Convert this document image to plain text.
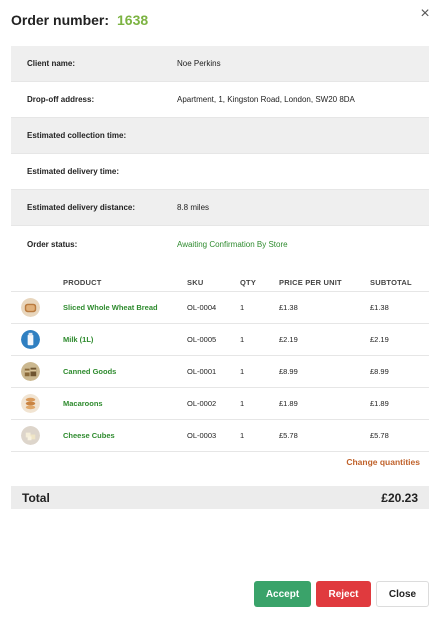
Order number: 1638	×
Client name:	Noe Perkins
Drop-off address:	Apartment, 1, Kingston Road, London, SW20 8DA
Estimated collection time:
Estimated delivery time:
Estimated delivery distance:	8.8 miles
Order status:	Awaiting Confirmation By Store
PRODUCT	SKU	QTY	PRICE PER UNIT	SUBTOTAL
Sliced Whole Wheat Bread	OL-0004	1	£1.38	£1.38
Milk (1L)	OL-0005	1	£2.19	£2.19
Canned Goods	OL-0001	1	£8.99	£8.99
Macaroons	OL-0002	1	£1.89	£1.89
Cheese Cubes	OL-0003	1	£5.78	£5.78
Change quantities
Total	£20.23
Accept	Reject	Close
